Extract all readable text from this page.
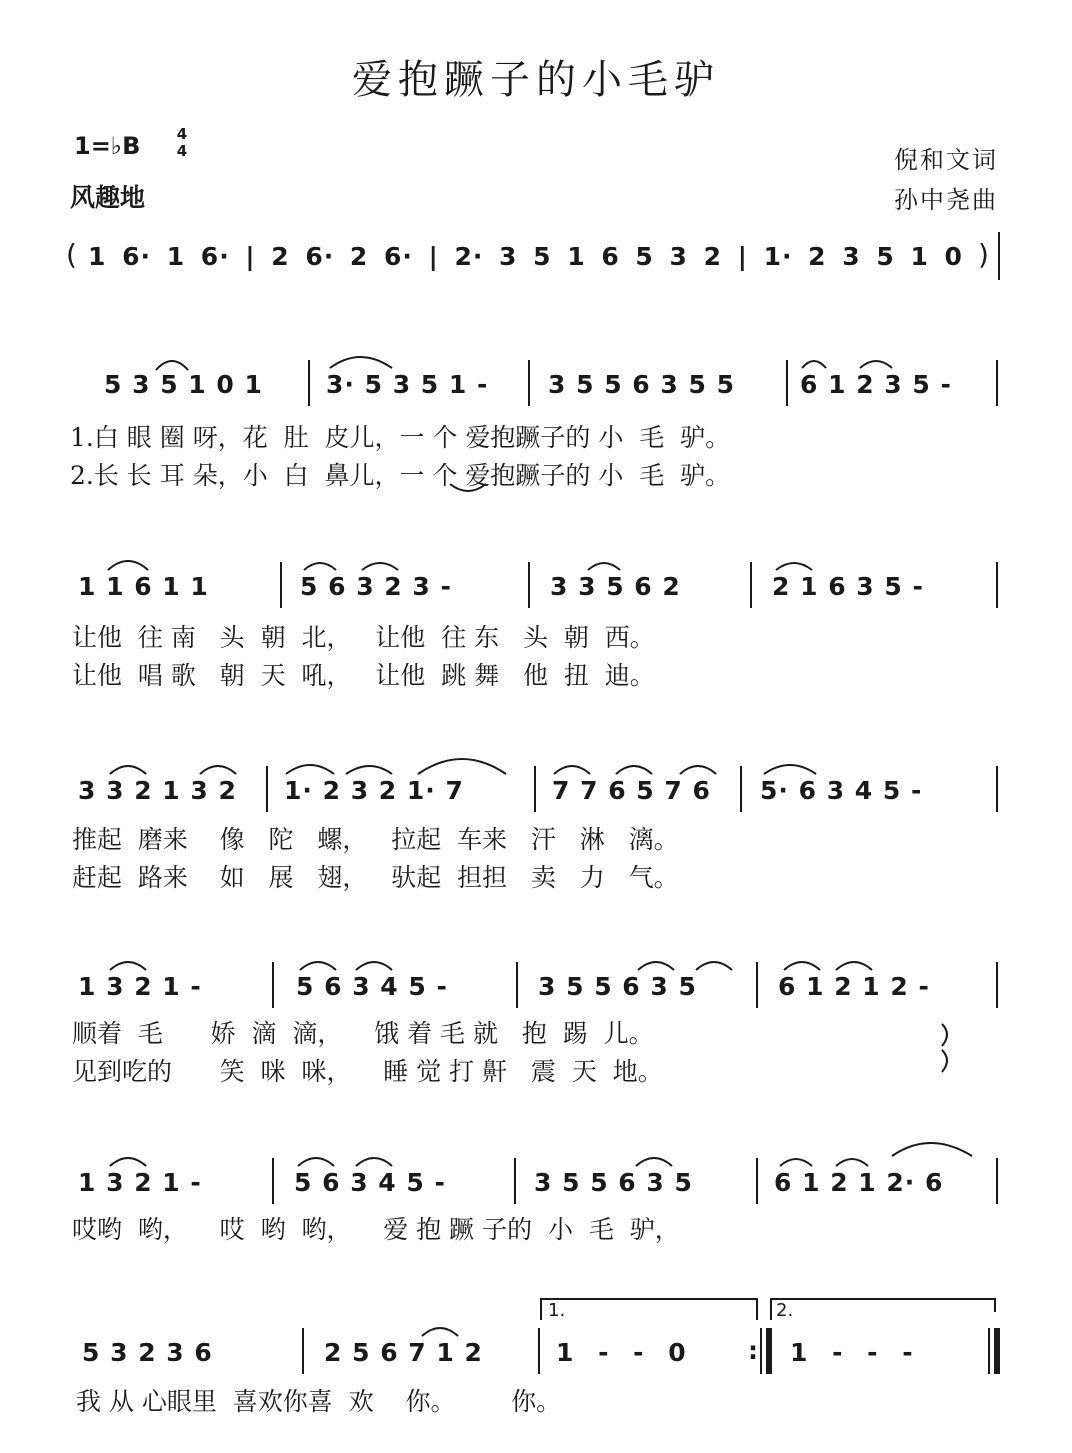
爱抱蹶子的小毛驴
1=♭B	4
4
风趣地
倪和文词
孙中尧曲
( 1 6· 1 6· | 2 6· 2 6· | 2· 3 5 1 6 5 3 2 | 1· 2 3 5 1 0 )
5 3 5 1 0 1	3· 5 3 5 1 - 3 5 5 6 3 5 5	6 1 2 3 5 -
1.白 眼 圈 呀，花  肚  皮儿，一 个 爱抱蹶子的 小  毛  驴。
2.长 长 耳 朵，小  白  鼻儿，一 个 爱抱蹶子的 小  毛  驴。
1 1 6 1 1	5 6 3 2 3 -	3 3 5 6 2	2 1 6 3 5 -
让他  往 南   头  朝  北，   让他  往 东   头  朝  西。
让他  唱 歌   朝  天  吼，   让他  跳 舞   他  扭  迪。
3 3 2 1 3 2 1· 2 3 2 1· 7	7 7 6 5 7 6 5· 6 3 4 5 -
推起  磨来    像   陀   螺，   拉起  车来   汗   淋   漓。
赶起  路来    如   展   翅，   驮起  担担   卖   力   气。
1 3 2 1 -	5 6 3 4 5 -	3 5 5 6 3 5	6 1 2 1 2 -
顺着  毛      娇  滴  滴，    饿 着 毛 就   抱  踢  儿。
见到吃的      笑  咪  咪，    睡 觉 打 鼾   震  天  地。
1 3 2 1 -	5 6 3 4 5 -	3 5 5 6 3 5	6 1 2 1 2· 6
哎哟  哟，    哎  哟  哟，    爱 抱 蹶 子的  小  毛  驴，
5 3 2 3 6	2 5 6 7 1 2	1 - - 0 : 1 - - -
我 从 心眼里  喜欢你喜  欢    你。       你。
1.	2.
